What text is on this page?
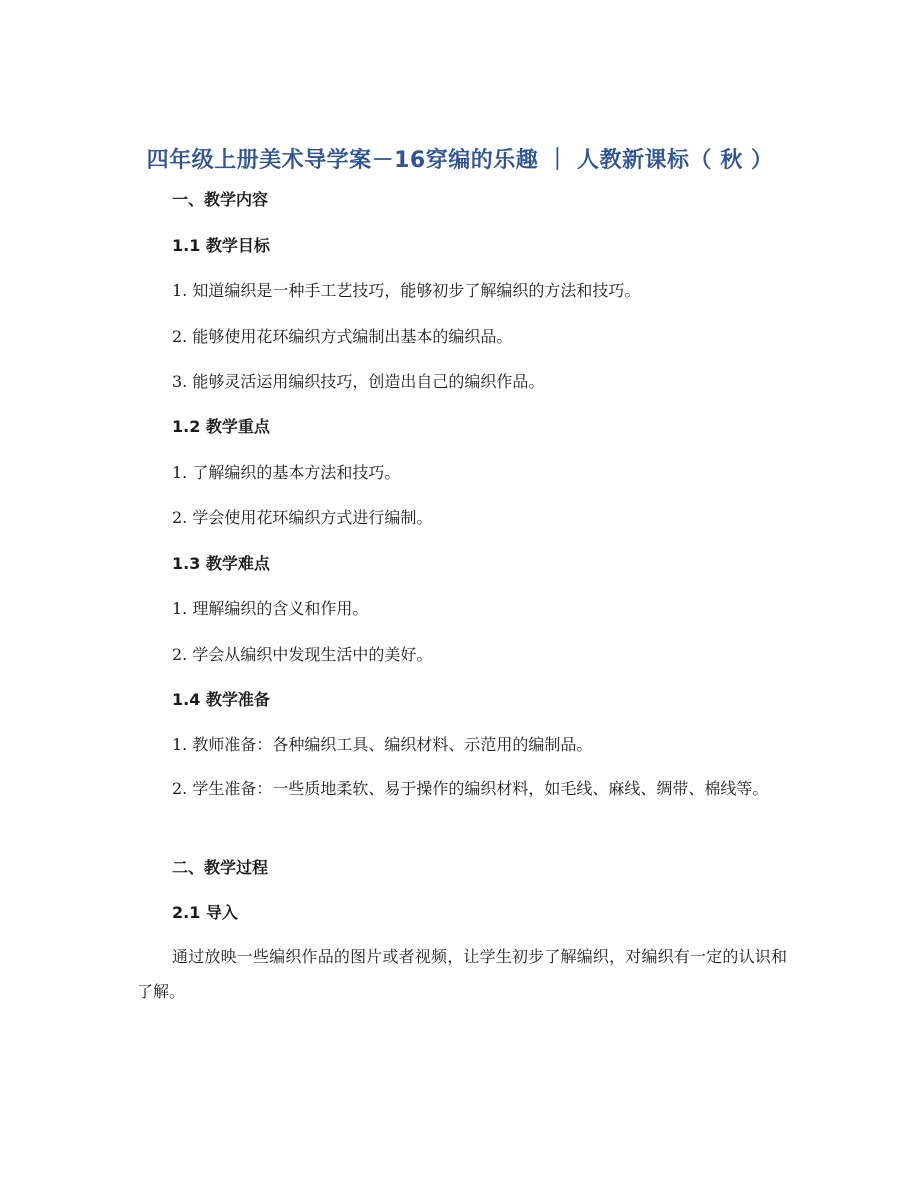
四年级上册美术导学案－16穿编的乐趣 ｜ 人教新课标（ 秋 ）
一、教学内容
1.1 教学目标
1. 知道编织是一种手工艺技巧，能够初步了解编织的方法和技巧。
2. 能够使用花环编织方式编制出基本的编织品。
3. 能够灵活运用编织技巧，创造出自己的编织作品。
1.2 教学重点
1. 了解编织的基本方法和技巧。
2. 学会使用花环编织方式进行编制。
1.3 教学难点
1. 理解编织的含义和作用。
2. 学会从编织中发现生活中的美好。
1.4 教学准备
1. 教师准备：各种编织工具、编织材料、示范用的编制品。
2. 学生准备：一些质地柔软、易于操作的编织材料，如毛线、麻线、绸带、棉线等。
二、教学过程
2.1 导入
通过放映一些编织作品的图片或者视频，让学生初步了解编织，对编织有一定的认识和了解。
